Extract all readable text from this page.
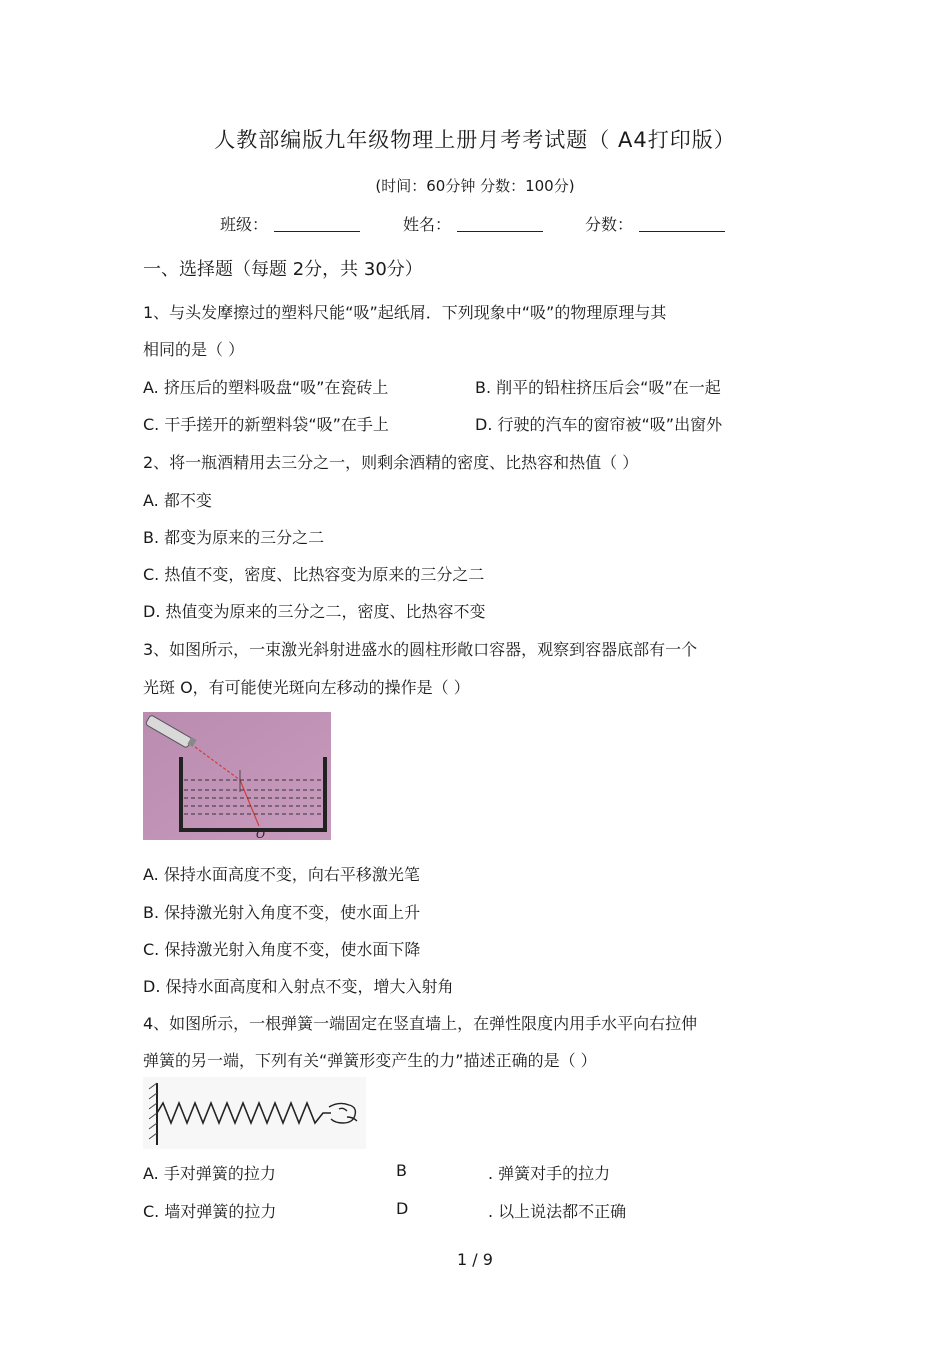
人教部编版九年级物理上册月考考试题（ A4打印版）
(时间：60分钟 分数：100分)
班级：	姓名：	分数：
一、选择题（每题 2分，共 30分）
1、与头发摩擦过的塑料尺能“吸”起纸屑．下列现象中“吸”的物理原理与其
相同的是（ ）
A. 挤压后的塑料吸盘“吸”在瓷砖上	B. 削平的铅柱挤压后会“吸”在一起
C. 干手搓开的新塑料袋“吸”在手上	D. 行驶的汽车的窗帘被“吸”出窗外
2、将一瓶酒精用去三分之一，则剩余酒精的密度、比热容和热值（ ）
A. 都不变
B. 都变为原来的三分之二
C. 热值不变，密度、比热容变为原来的三分之二
D. 热值变为原来的三分之二，密度、比热容不变
3、如图所示，一束激光斜射进盛水的圆柱形敞口容器，观察到容器底部有一个
光斑 O，有可能使光斑向左移动的操作是（ ）
O
A. 保持水面高度不变，向右平移激光笔
B. 保持激光射入角度不变，使水面上升
C. 保持激光射入角度不变，使水面下降
D. 保持水面高度和入射点不变，增大入射角
4、如图所示，一根弹簧一端固定在竖直墙上，在弹性限度内用手水平向右拉伸
弹簧的另一端，下列有关“弹簧形变产生的力”描述正确的是（ ）
A. 手对弹簧的拉力	B	. 弹簧对手的拉力
C. 墙对弹簧的拉力	D	. 以上说法都不正确
1 / 9
